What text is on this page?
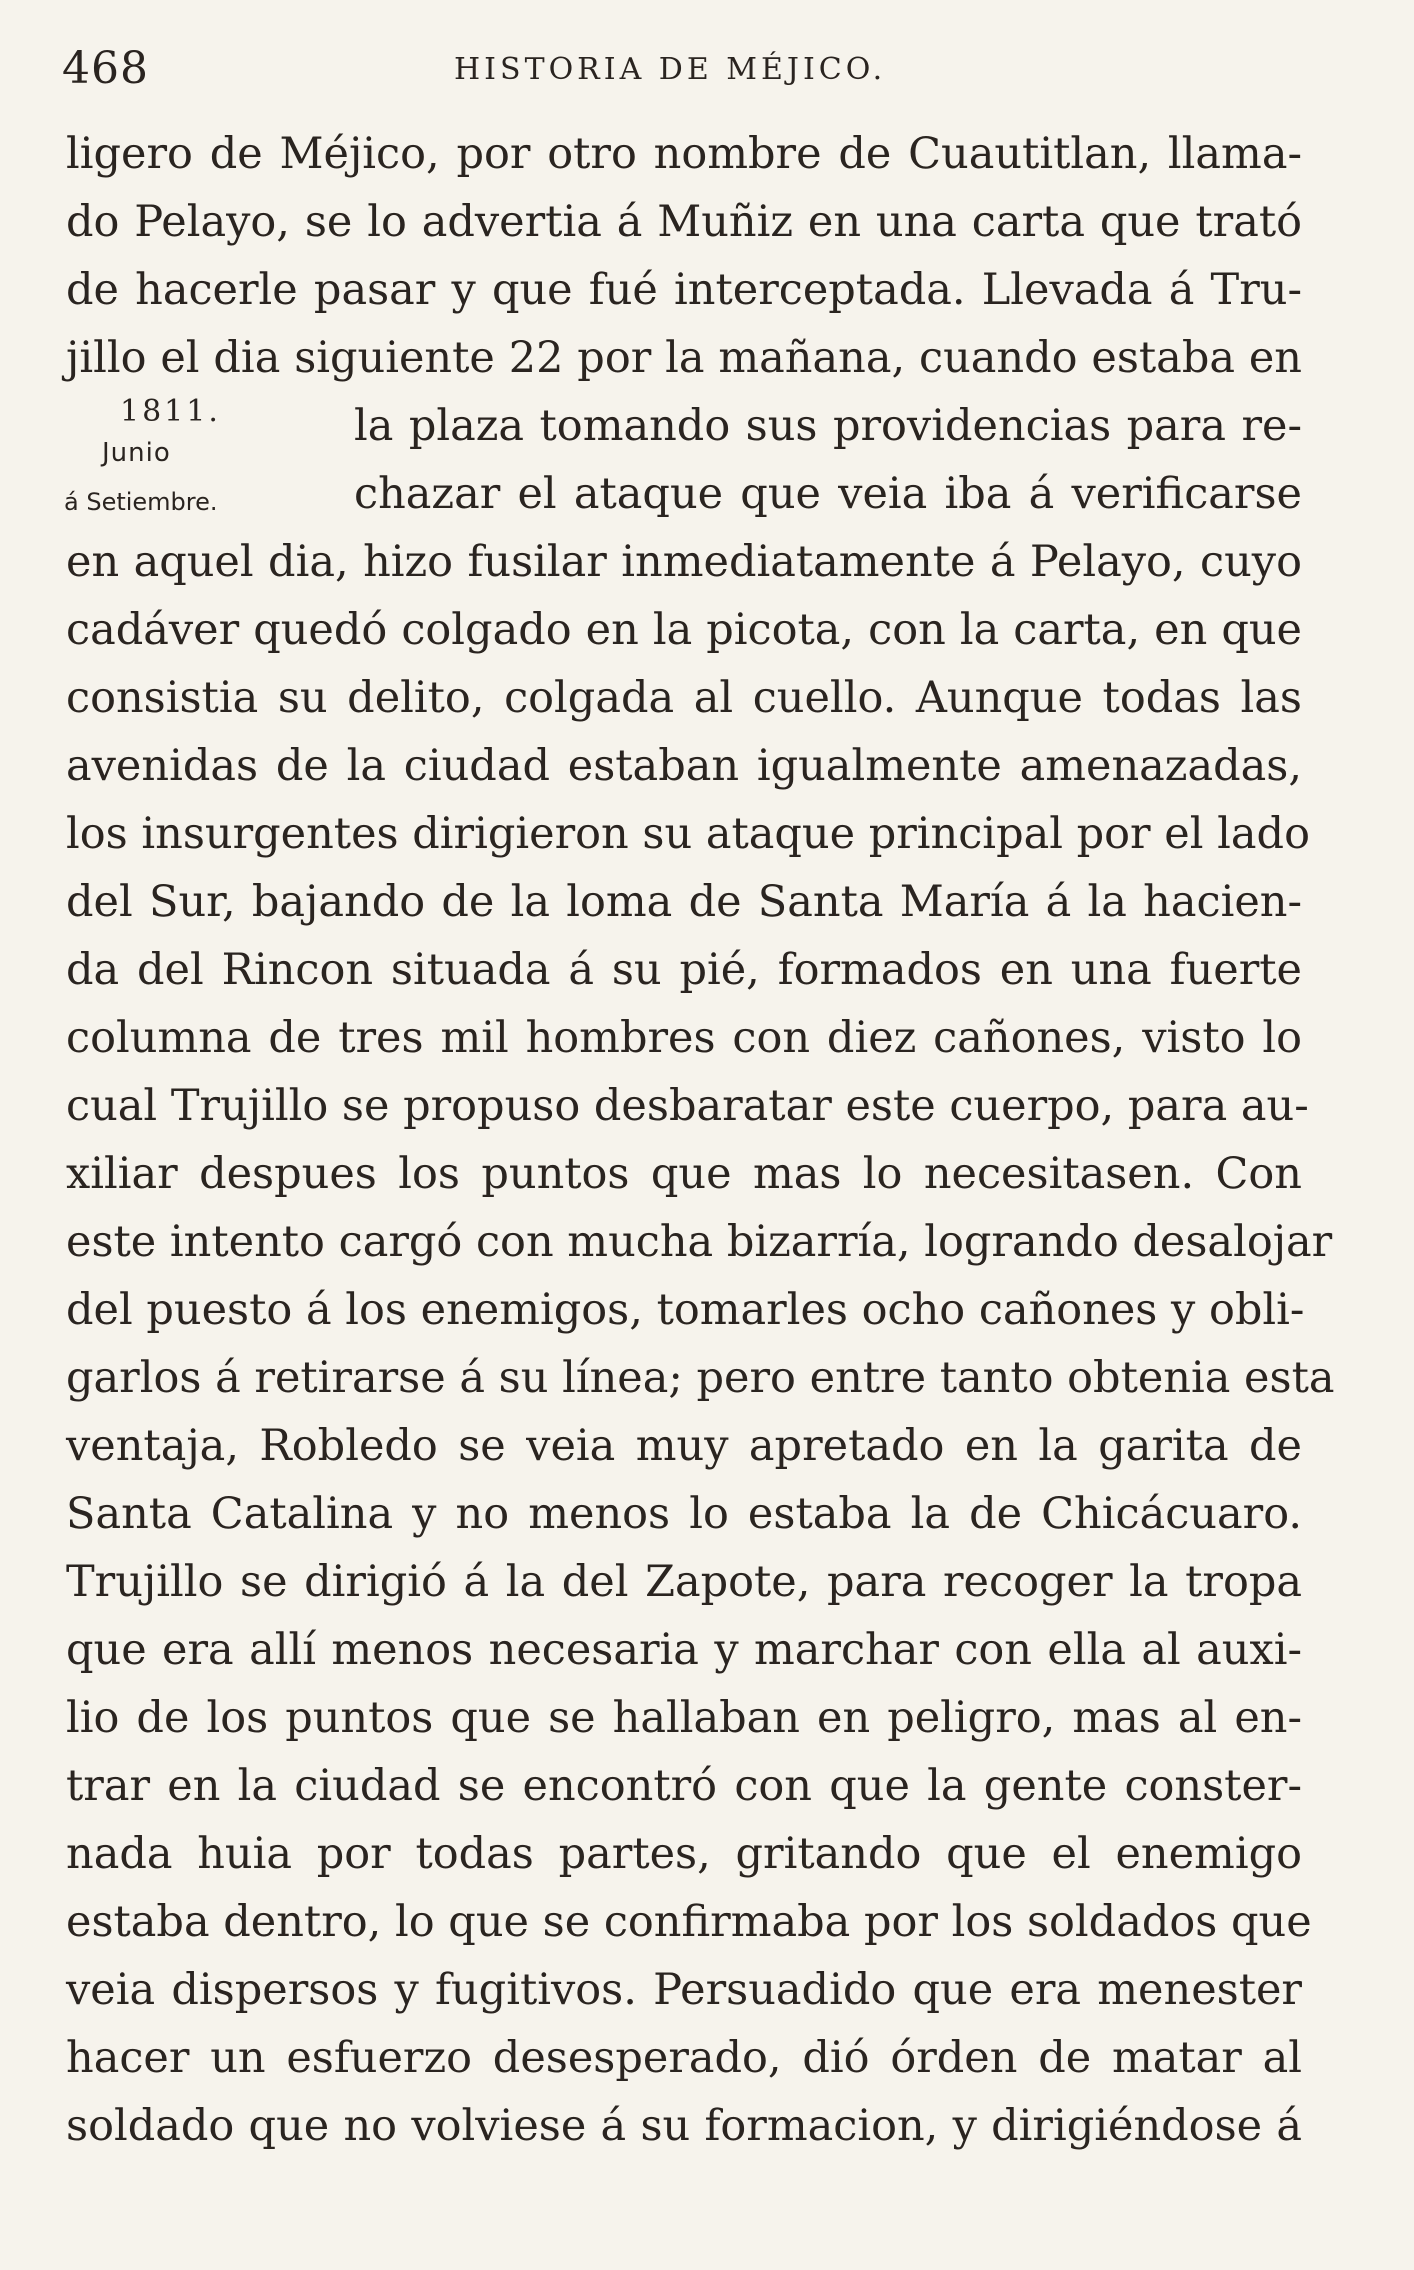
468	HISTORIA DE MÉJICO.
1811.
Junio
á Setiembre.
ligero de Méjico, por otro nombre de Cuautitlan, llama-
do Pelayo, se lo advertia á Muñiz en una carta que trató
de hacerle pasar y que fué interceptada. Llevada á Tru-
jillo el dia siguiente 22 por la mañana, cuando estaba en
la plaza tomando sus providencias para re-
chazar el ataque que veia iba á verificarse
en aquel dia, hizo fusilar inmediatamente á Pelayo, cuyo
cadáver quedó colgado en la picota, con la carta, en que
consistia su delito, colgada al cuello. Aunque todas las
avenidas de la ciudad estaban igualmente amenazadas,
los insurgentes dirigieron su ataque principal por el lado
del Sur, bajando de la loma de Santa María á la hacien-
da del Rincon situada á su pié, formados en una fuerte
columna de tres mil hombres con diez cañones, visto lo
cual Trujillo se propuso desbaratar este cuerpo, para au-
xiliar despues los puntos que mas lo necesitasen. Con
este intento cargó con mucha bizarría, logrando desalojar
del puesto á los enemigos, tomarles ocho cañones y obli-
garlos á retirarse á su línea; pero entre tanto obtenia esta
ventaja, Robledo se veia muy apretado en la garita de
Santa Catalina y no menos lo estaba la de Chicácuaro.
Trujillo se dirigió á la del Zapote, para recoger la tropa
que era allí menos necesaria y marchar con ella al auxi-
lio de los puntos que se hallaban en peligro, mas al en-
trar en la ciudad se encontró con que la gente conster-
nada huia por todas partes, gritando que el enemigo
estaba dentro, lo que se confirmaba por los soldados que
veia dispersos y fugitivos. Persuadido que era menester
hacer un esfuerzo desesperado, dió órden de matar al
soldado que no volviese á su formacion, y dirigiéndose á
